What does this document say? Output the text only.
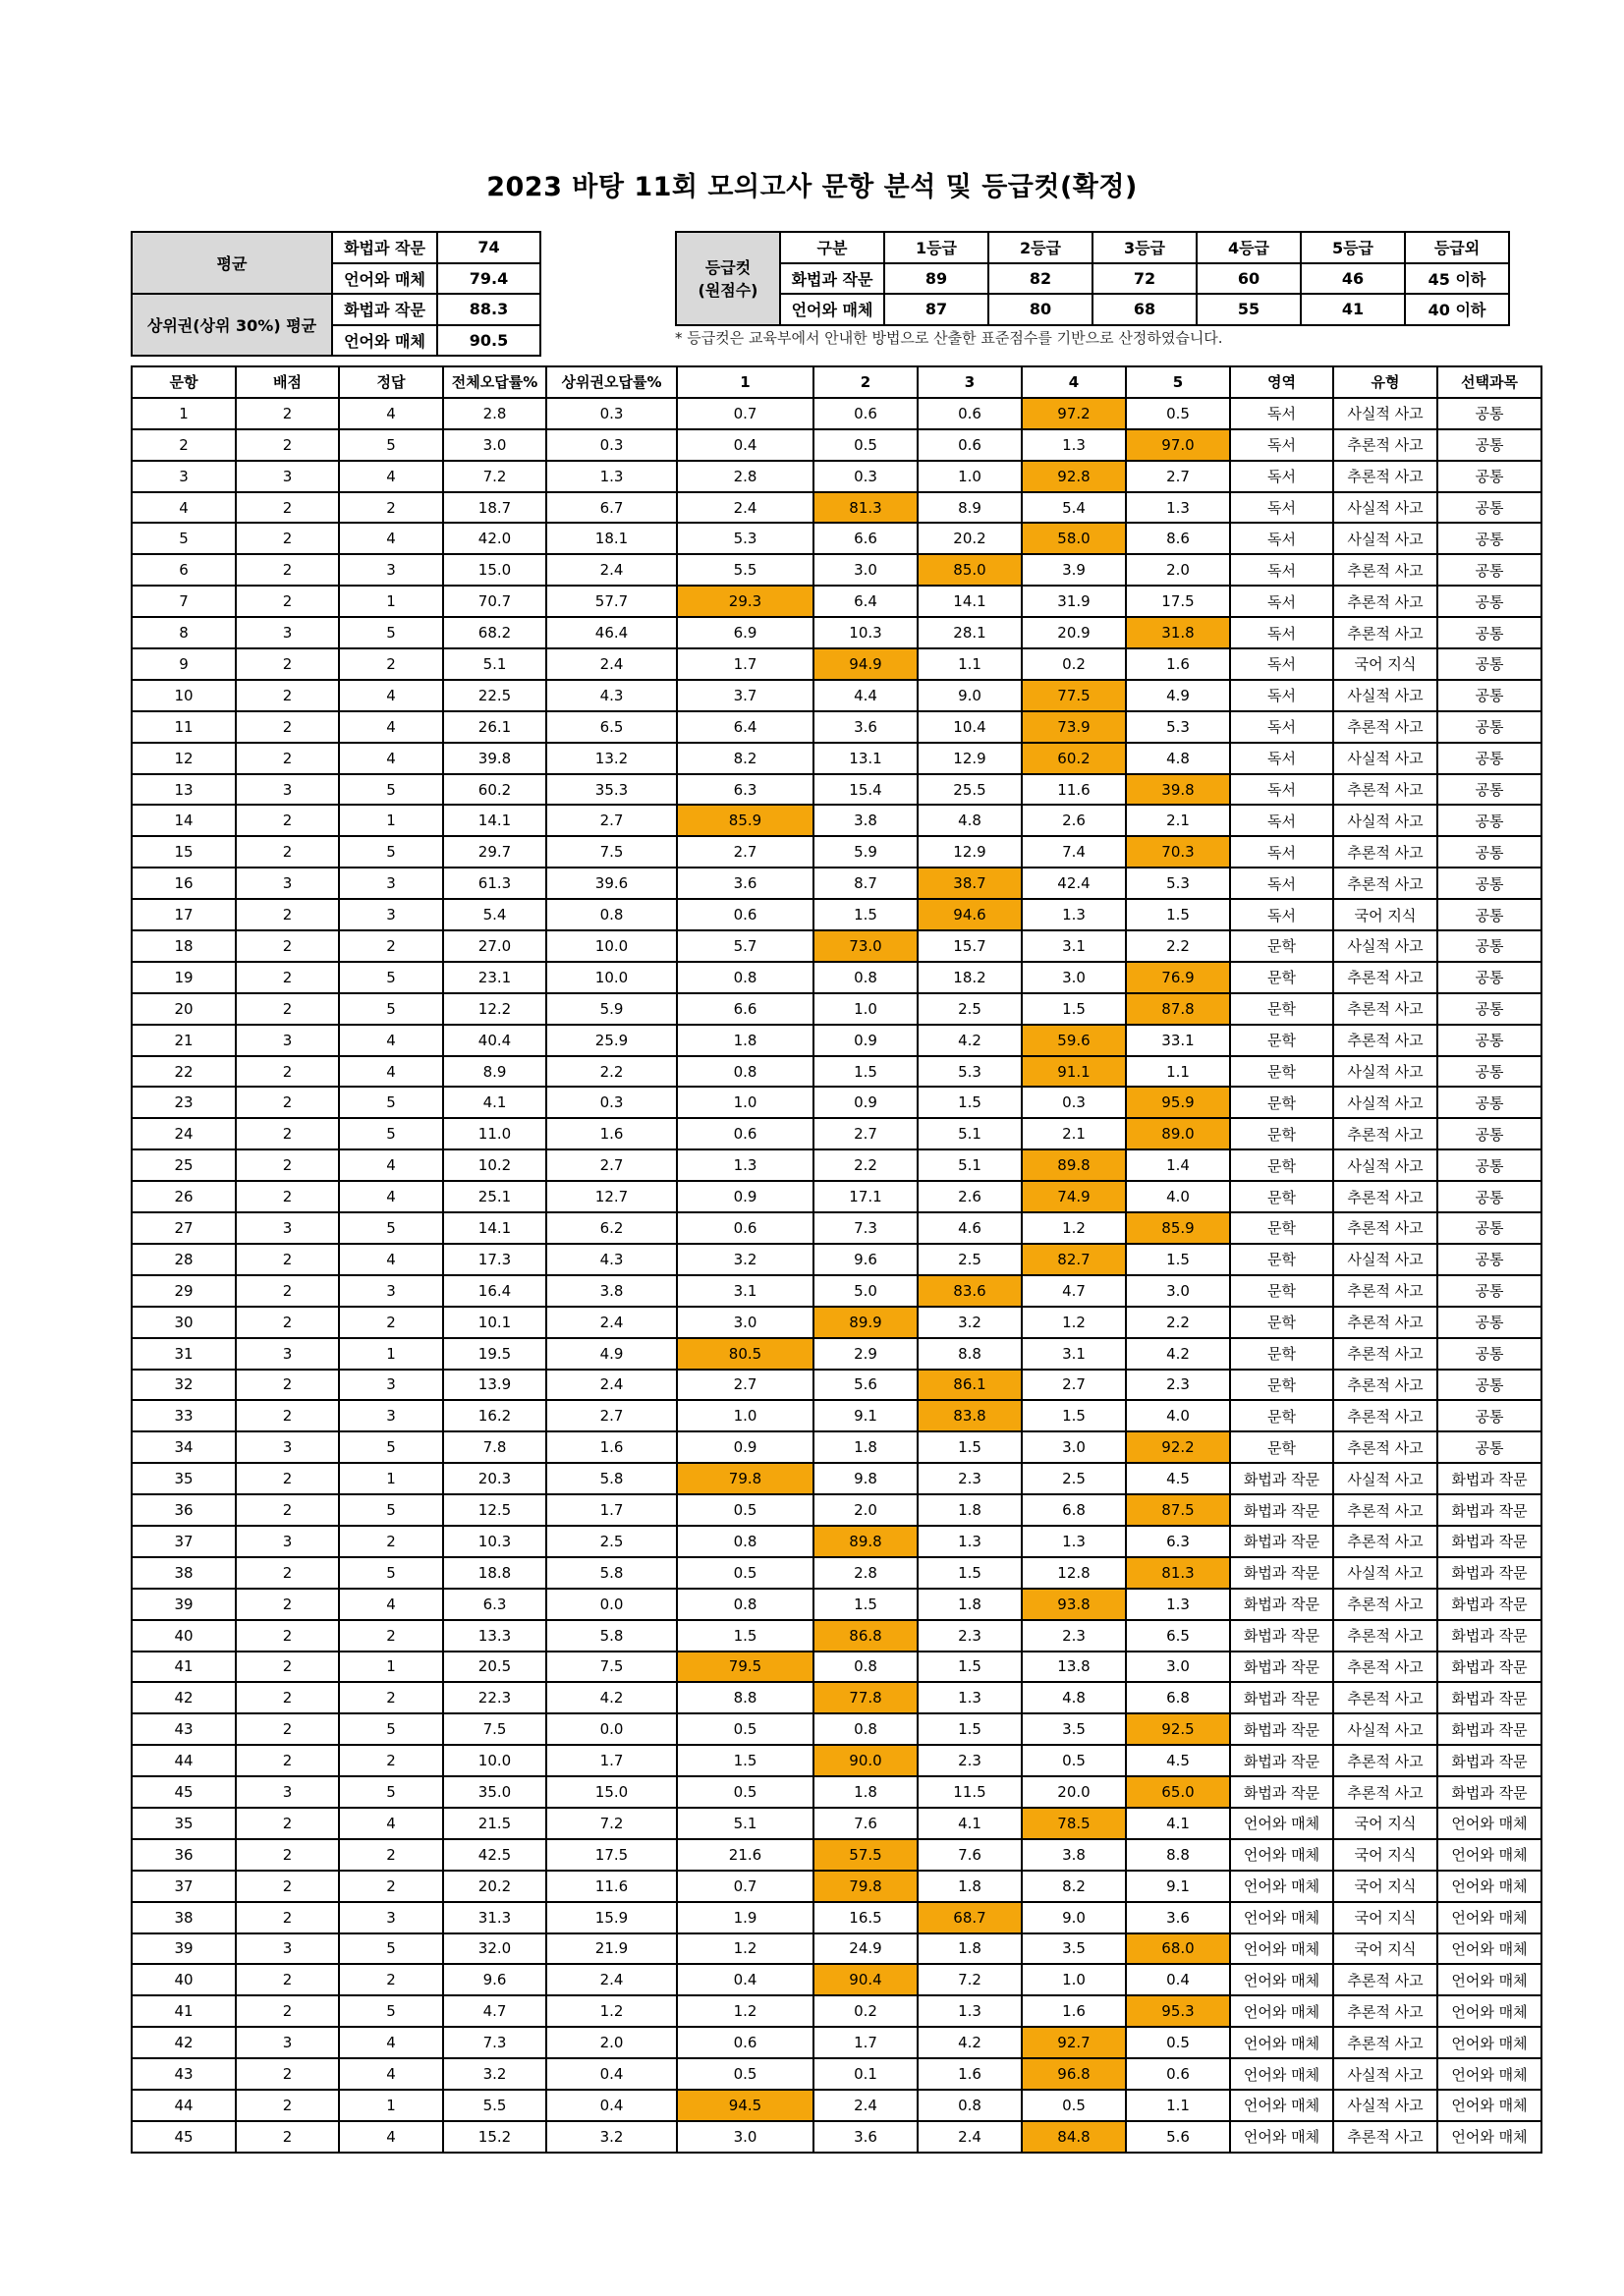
2023 바탕 11회 모의고사 문항 분석 및 등급컷(확정)
평균	화법과 작문	74
	언어와 매체	79.4
상위권(상위 30%) 평균	화법과 작문	88.3
	언어와 매체	90.5
등급컷
(원점수)	구분	1등급	2등급	3등급	4등급	5등급	등급외
	화법과 작문	89	82	72	60	46	45 이하
	언어와 매체	87	80	68	55	41	40 이하
* 등급컷은 교육부에서 안내한 방법으로 산출한 표준점수를 기반으로 산정하였습니다.
문항	배점	정답	전체오답률%	상위권오답률%	1	2	3	4	5	영역	유형	선택과목
1	2	4	2.8	0.3	0.7	0.6	0.6	97.2	0.5	독서	사실적 사고	공통
2	2	5	3.0	0.3	0.4	0.5	0.6	1.3	97.0	독서	추론적 사고	공통
3	3	4	7.2	1.3	2.8	0.3	1.0	92.8	2.7	독서	추론적 사고	공통
4	2	2	18.7	6.7	2.4	81.3	8.9	5.4	1.3	독서	사실적 사고	공통
5	2	4	42.0	18.1	5.3	6.6	20.2	58.0	8.6	독서	사실적 사고	공통
6	2	3	15.0	2.4	5.5	3.0	85.0	3.9	2.0	독서	추론적 사고	공통
7	2	1	70.7	57.7	29.3	6.4	14.1	31.9	17.5	독서	추론적 사고	공통
8	3	5	68.2	46.4	6.9	10.3	28.1	20.9	31.8	독서	추론적 사고	공통
9	2	2	5.1	2.4	1.7	94.9	1.1	0.2	1.6	독서	국어 지식	공통
10	2	4	22.5	4.3	3.7	4.4	9.0	77.5	4.9	독서	사실적 사고	공통
11	2	4	26.1	6.5	6.4	3.6	10.4	73.9	5.3	독서	추론적 사고	공통
12	2	4	39.8	13.2	8.2	13.1	12.9	60.2	4.8	독서	사실적 사고	공통
13	3	5	60.2	35.3	6.3	15.4	25.5	11.6	39.8	독서	추론적 사고	공통
14	2	1	14.1	2.7	85.9	3.8	4.8	2.6	2.1	독서	사실적 사고	공통
15	2	5	29.7	7.5	2.7	5.9	12.9	7.4	70.3	독서	추론적 사고	공통
16	3	3	61.3	39.6	3.6	8.7	38.7	42.4	5.3	독서	추론적 사고	공통
17	2	3	5.4	0.8	0.6	1.5	94.6	1.3	1.5	독서	국어 지식	공통
18	2	2	27.0	10.0	5.7	73.0	15.7	3.1	2.2	문학	사실적 사고	공통
19	2	5	23.1	10.0	0.8	0.8	18.2	3.0	76.9	문학	추론적 사고	공통
20	2	5	12.2	5.9	6.6	1.0	2.5	1.5	87.8	문학	추론적 사고	공통
21	3	4	40.4	25.9	1.8	0.9	4.2	59.6	33.1	문학	추론적 사고	공통
22	2	4	8.9	2.2	0.8	1.5	5.3	91.1	1.1	문학	사실적 사고	공통
23	2	5	4.1	0.3	1.0	0.9	1.5	0.3	95.9	문학	사실적 사고	공통
24	2	5	11.0	1.6	0.6	2.7	5.1	2.1	89.0	문학	추론적 사고	공통
25	2	4	10.2	2.7	1.3	2.2	5.1	89.8	1.4	문학	사실적 사고	공통
26	2	4	25.1	12.7	0.9	17.1	2.6	74.9	4.0	문학	추론적 사고	공통
27	3	5	14.1	6.2	0.6	7.3	4.6	1.2	85.9	문학	추론적 사고	공통
28	2	4	17.3	4.3	3.2	9.6	2.5	82.7	1.5	문학	사실적 사고	공통
29	2	3	16.4	3.8	3.1	5.0	83.6	4.7	3.0	문학	추론적 사고	공통
30	2	2	10.1	2.4	3.0	89.9	3.2	1.2	2.2	문학	추론적 사고	공통
31	3	1	19.5	4.9	80.5	2.9	8.8	3.1	4.2	문학	추론적 사고	공통
32	2	3	13.9	2.4	2.7	5.6	86.1	2.7	2.3	문학	추론적 사고	공통
33	2	3	16.2	2.7	1.0	9.1	83.8	1.5	4.0	문학	추론적 사고	공통
34	3	5	7.8	1.6	0.9	1.8	1.5	3.0	92.2	문학	추론적 사고	공통
35	2	1	20.3	5.8	79.8	9.8	2.3	2.5	4.5	화법과 작문	사실적 사고	화법과 작문
36	2	5	12.5	1.7	0.5	2.0	1.8	6.8	87.5	화법과 작문	추론적 사고	화법과 작문
37	3	2	10.3	2.5	0.8	89.8	1.3	1.3	6.3	화법과 작문	추론적 사고	화법과 작문
38	2	5	18.8	5.8	0.5	2.8	1.5	12.8	81.3	화법과 작문	사실적 사고	화법과 작문
39	2	4	6.3	0.0	0.8	1.5	1.8	93.8	1.3	화법과 작문	추론적 사고	화법과 작문
40	2	2	13.3	5.8	1.5	86.8	2.3	2.3	6.5	화법과 작문	추론적 사고	화법과 작문
41	2	1	20.5	7.5	79.5	0.8	1.5	13.8	3.0	화법과 작문	추론적 사고	화법과 작문
42	2	2	22.3	4.2	8.8	77.8	1.3	4.8	6.8	화법과 작문	추론적 사고	화법과 작문
43	2	5	7.5	0.0	0.5	0.8	1.5	3.5	92.5	화법과 작문	사실적 사고	화법과 작문
44	2	2	10.0	1.7	1.5	90.0	2.3	0.5	4.5	화법과 작문	추론적 사고	화법과 작문
45	3	5	35.0	15.0	0.5	1.8	11.5	20.0	65.0	화법과 작문	추론적 사고	화법과 작문
35	2	4	21.5	7.2	5.1	7.6	4.1	78.5	4.1	언어와 매체	국어 지식	언어와 매체
36	2	2	42.5	17.5	21.6	57.5	7.6	3.8	8.8	언어와 매체	국어 지식	언어와 매체
37	2	2	20.2	11.6	0.7	79.8	1.8	8.2	9.1	언어와 매체	국어 지식	언어와 매체
38	2	3	31.3	15.9	1.9	16.5	68.7	9.0	3.6	언어와 매체	국어 지식	언어와 매체
39	3	5	32.0	21.9	1.2	24.9	1.8	3.5	68.0	언어와 매체	국어 지식	언어와 매체
40	2	2	9.6	2.4	0.4	90.4	7.2	1.0	0.4	언어와 매체	추론적 사고	언어와 매체
41	2	5	4.7	1.2	1.2	0.2	1.3	1.6	95.3	언어와 매체	추론적 사고	언어와 매체
42	3	4	7.3	2.0	0.6	1.7	4.2	92.7	0.5	언어와 매체	추론적 사고	언어와 매체
43	2	4	3.2	0.4	0.5	0.1	1.6	96.8	0.6	언어와 매체	사실적 사고	언어와 매체
44	2	1	5.5	0.4	94.5	2.4	0.8	0.5	1.1	언어와 매체	사실적 사고	언어와 매체
45	2	4	15.2	3.2	3.0	3.6	2.4	84.8	5.6	언어와 매체	추론적 사고	언어와 매체
